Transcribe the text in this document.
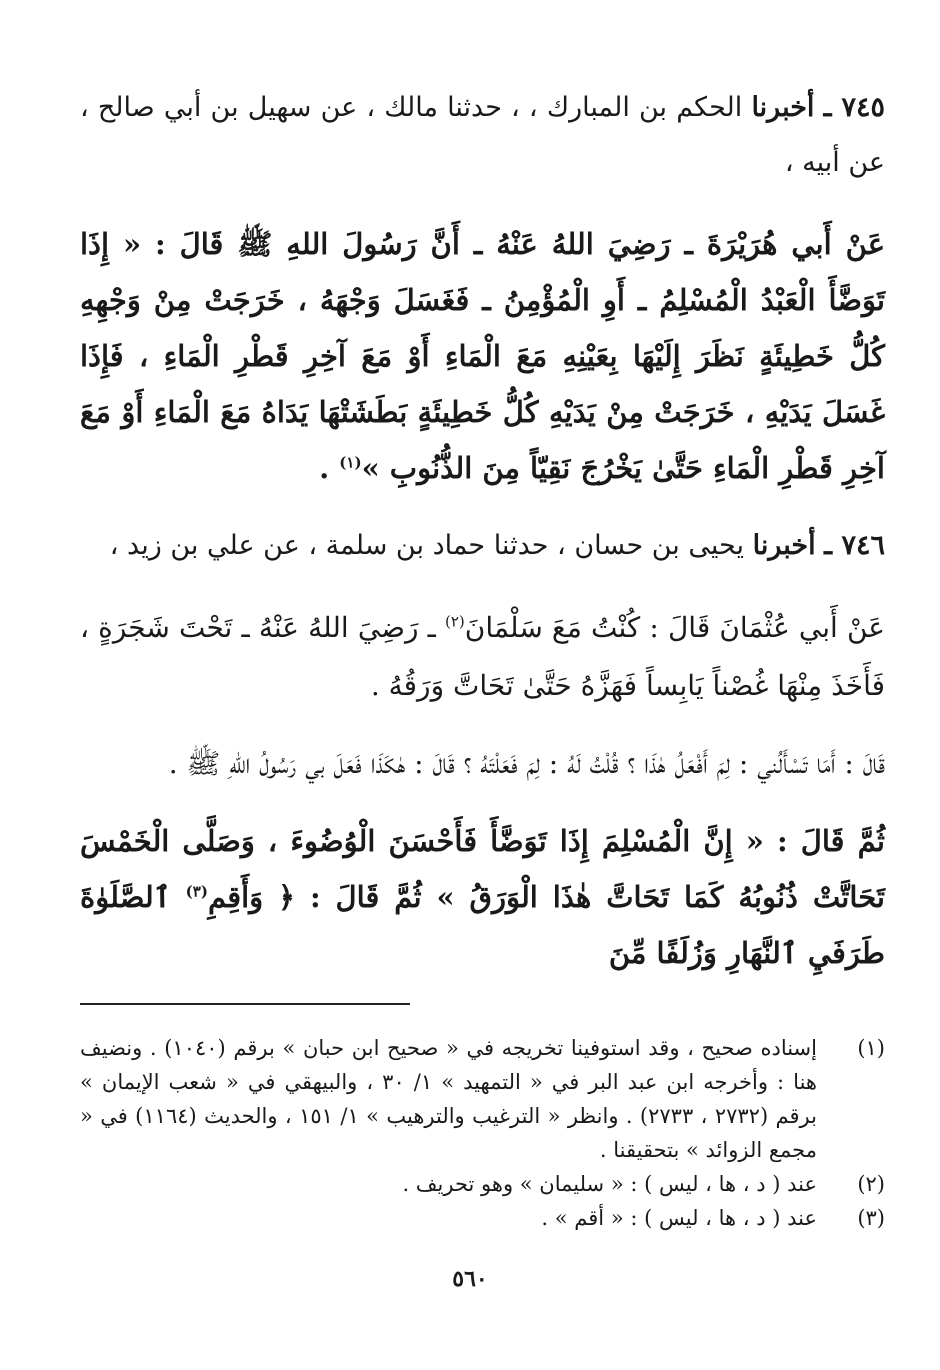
٧٤٥ ـ أخبرنا الحكم بن المبارك ، ، حدثنا مالك ، عن سهيل بن أبي صالح ، عن أبيه ،

عَنْ أَبي هُرَيْرَةَ ـ رَضِيَ اللهُ عَنْهُ ـ أَنَّ رَسُولَ اللهِ ﷺ قَالَ : « إِذَا تَوَضَّأَ الْعَبْدُ الْمُسْلِمُ ـ أَوِ الْمُؤْمِنُ ـ فَغَسَلَ وَجْهَهُ ، خَرَجَتْ مِنْ وَجْهِهِ كُلُّ خَطِيئَةٍ نَظَرَ إِلَيْهَا بِعَيْنِهِ مَعَ الْمَاءِ أَوْ مَعَ آخِرِ قَطْرِ الْمَاءِ ، فَإِذَا غَسَلَ يَدَيْهِ ، خَرَجَتْ مِنْ يَدَيْهِ كُلُّ خَطِيئَةٍ بَطَشَتْهَا يَدَاهُ مَعَ الْمَاءِ أَوْ مَعَ آخِرِ قَطْرِ الْمَاءِ حَتَّىٰ يَخْرُجَ نَقِيّاً مِنَ الذُّنُوبِ »$^{(١)}$ .

٧٤٦ ـ أخبرنا يحيى بن حسان ، حدثنا حماد بن سلمة ، عن علي بن زيد ،

عَنْ أَبي عُثْمَانَ قَالَ : كُنْتُ مَعَ سَلْمَانَ$^{(٢)}$ ـ رَضِيَ اللهُ عَنْهُ ـ تَحْتَ شَجَرَةٍ ، فَأَخَذَ مِنْهَا غُصْناً يَابِساً فَهَزَّهُ حَتَّىٰ تَحَاتَّ وَرَقُهُ .

قَالَ : أَمَا تَسْأَلُني : لِمَ أَفْعَلُ هٰذَا ؟ قُلْتُ لَهُ : لِمَ فَعَلْتَهُ ؟ قَالَ : هٰكَذَا فَعَلَ بي رَسُولُ اللهِ ﷺ .

ثُمَّ قَالَ : « إِنَّ الْمُسْلِمَ إِذَا تَوَضَّأَ فَأَحْسَنَ الْوُضُوءَ ، وَصَلَّى الْخَمْسَ تَحَاتَّتْ ذُنُوبُهُ كَمَا تَحَاتَّ هٰذَا الْوَرَقُ » ثُمَّ قَالَ : ﴿ وَأَقِمِ$^{(٣)}$ ٱلصَّلَوٰةَ طَرَفَيِ ٱلنَّهَارِ وَزُلَفًا مِّنَ

(١)
إسناده صحيح ، وقد استوفينا تخريجه في « صحيح ابن حبان » برقم (١٠٤٠) . ونضيف هنا : وأخرجه ابن عبد البر في « التمهيد » ١/ ٣٠ ، والبيهقي في « شعب الإيمان » برقم (٢٧٣٢ ، ٢٧٣٣) . وانظر « الترغيب والترهيب » ١/ ١٥١ ، والحديث (١١٦٤) في « مجمع الزوائد » بتحقيقنا .

(٢)
عند ( د ، ها ، ليس ) : « سليمان » وهو تحريف .

(٣)
عند ( د ، ها ، ليس ) : « أقم » .

٥٦٠
